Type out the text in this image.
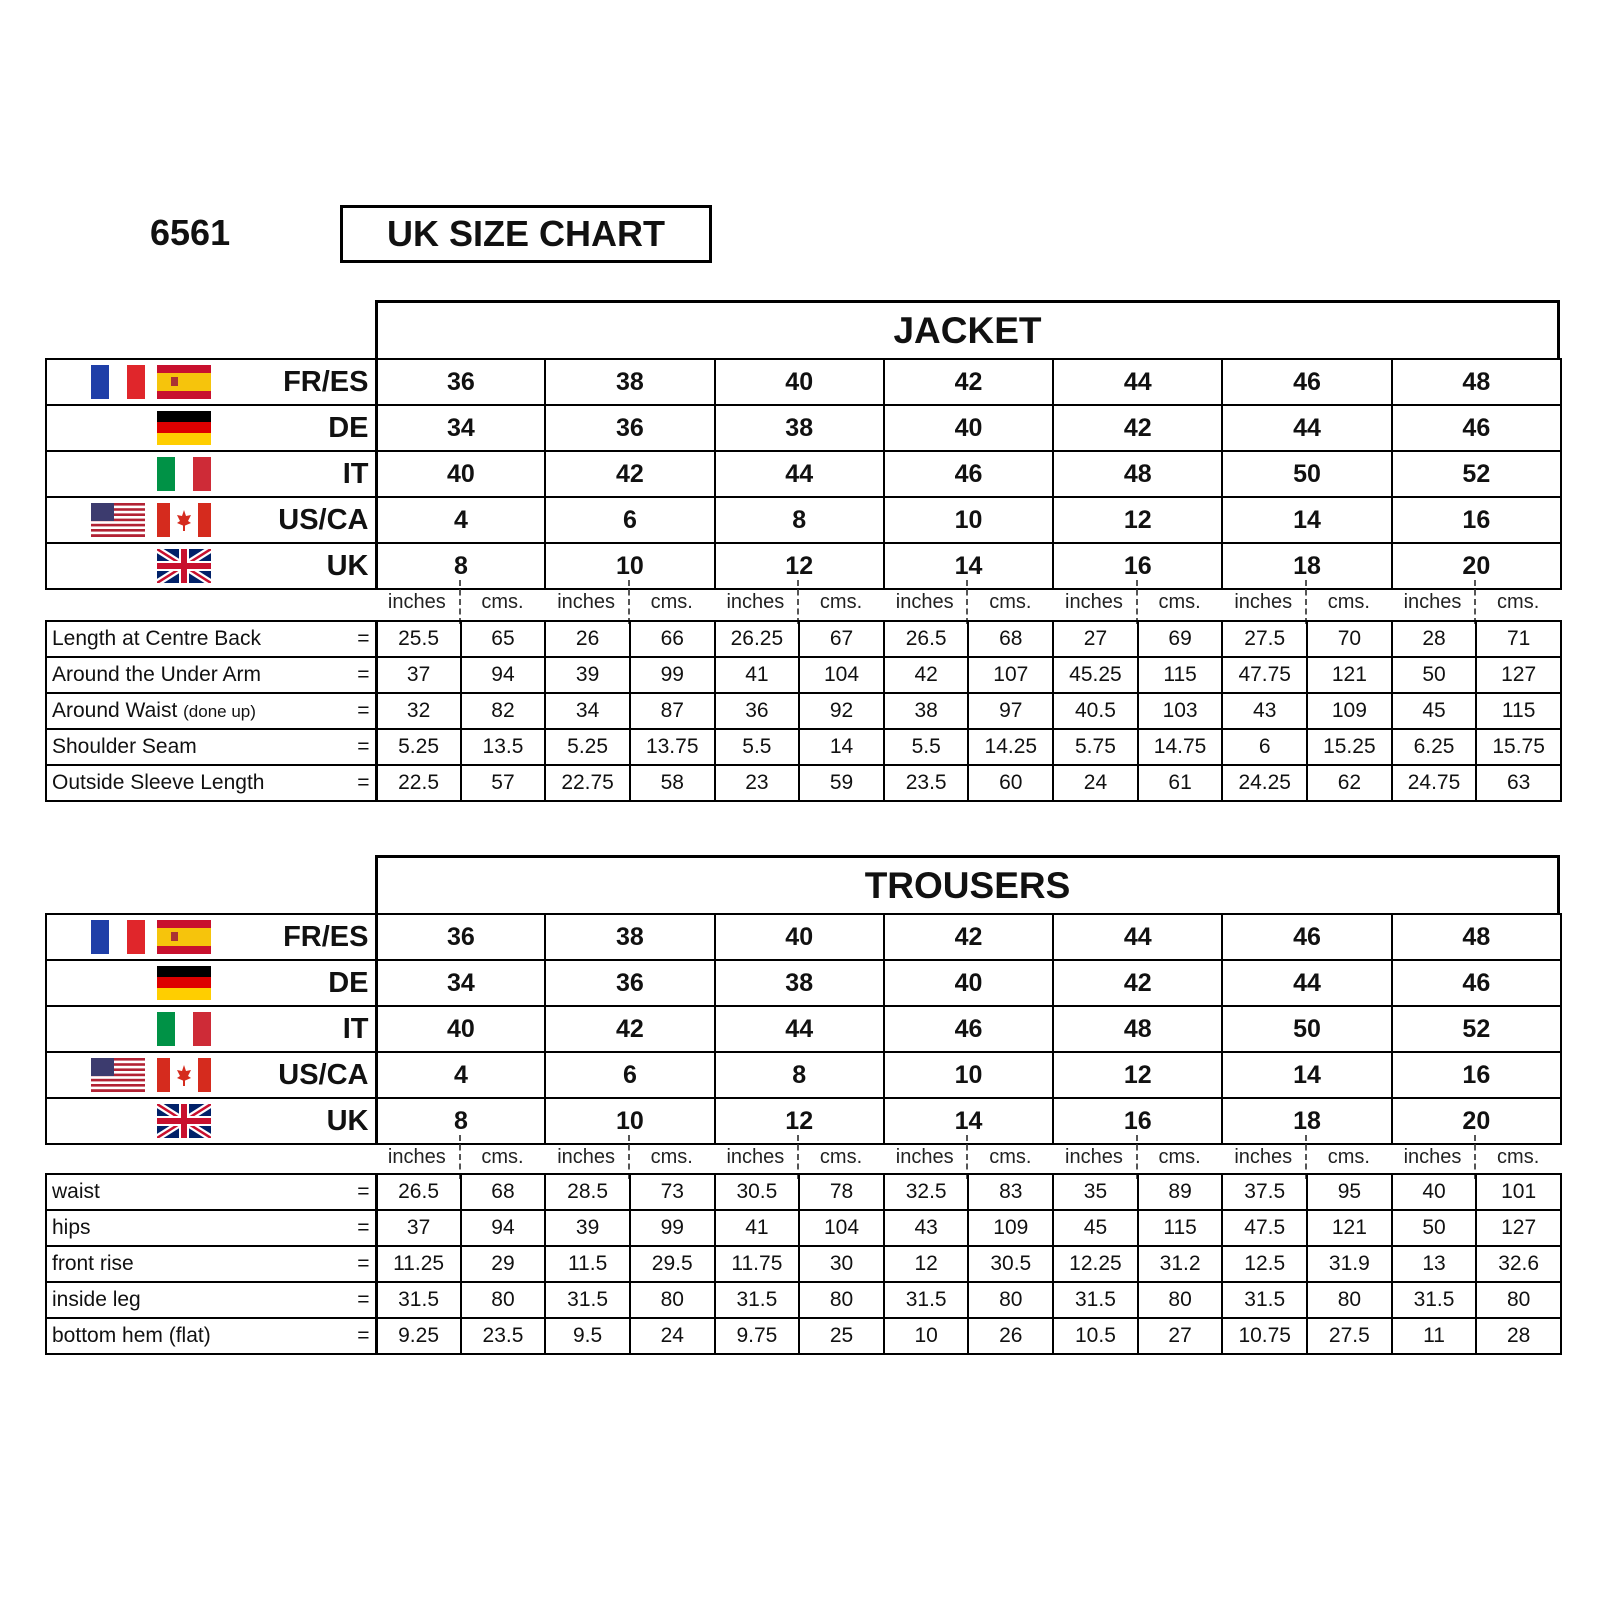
6561	UK SIZE CHART
JACKET
FR/ES	36	38	40	42	44	46	48

DE	34	36	38	40	42	44	46

IT	40	42	44	46	48	50	52

US/CA	4	6	8	10	12	14	16

UK	8	10	12	14	16	18	20
inches	cms.	inches	cms.	inches	cms.	inches	cms.	inches	cms.	inches	cms.	inches	cms.
Length at Centre Back =	25.5	65	26	66	26.25	67	26.5	68	27	69	27.5	70	28	71
Around the Under Arm =	37	94	39	99	41	104	42	107	45.25	115	47.75	121	50	127
Around Waist (done up) =	32	82	34	87	36	92	38	97	40.5	103	43	109	45	115
Shoulder Seam =	5.25	13.5	5.25	13.75	5.5	14	5.5	14.25	5.75	14.75	6	15.25	6.25	15.75
Outside Sleeve Length =	22.5	57	22.75	58	23	59	23.5	60	24	61	24.25	62	24.75	63
TROUSERS
FR/ES	36	38	40	42	44	46	48

DE	34	36	38	40	42	44	46

IT	40	42	44	46	48	50	52

US/CA	4	6	8	10	12	14	16

UK	8	10	12	14	16	18	20
inches	cms.	inches	cms.	inches	cms.	inches	cms.	inches	cms.	inches	cms.	inches	cms.
waist =	26.5	68	28.5	73	30.5	78	32.5	83	35	89	37.5	95	40	101
hips =	37	94	39	99	41	104	43	109	45	115	47.5	121	50	127
front rise =	11.25	29	11.5	29.5	11.75	30	12	30.5	12.25	31.2	12.5	31.9	13	32.6
inside leg =	31.5	80	31.5	80	31.5	80	31.5	80	31.5	80	31.5	80	31.5	80
bottom hem (flat) =	9.25	23.5	9.5	24	9.75	25	10	26	10.5	27	10.75	27.5	11	28
